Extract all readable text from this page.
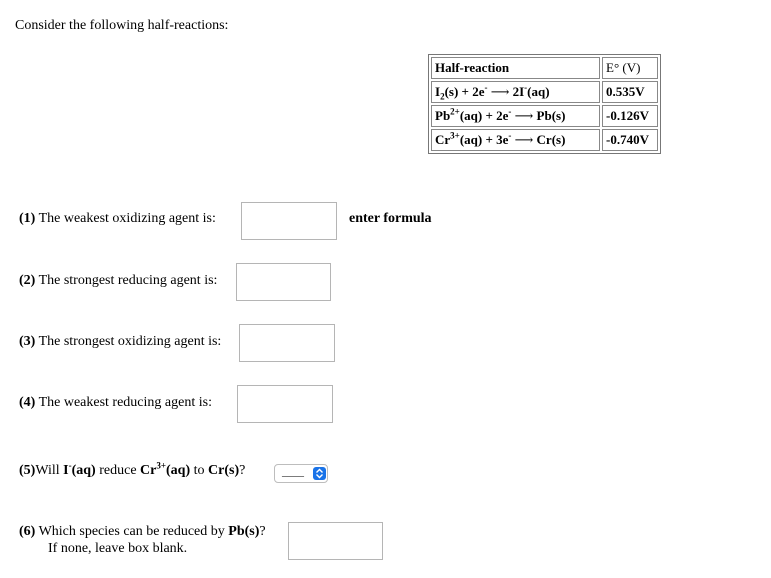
Consider the following half-reactions:
Half-reaction	E° (V)
$I_2(s) + 2e^-$ ⟶ 2I-(aq)	0.535V
$Pb^{2+}(aq) + 2e^-$ ⟶ Pb(s)	-0.126V
$Cr^{3+}(aq) + 3e^-$ ⟶ Cr(s)	-0.740V
(1) The weakest oxidizing agent is:	enter formula
(2) The strongest reducing agent is:
(3) The strongest oxidizing agent is:
(4) The weakest reducing agent is:
(5)Will I-(aq) reduce $Cr^{3+}(aq)$ to Cr(s)?	____
(6) Which species can be reduced by Pb(s)?
If none, leave box blank.
